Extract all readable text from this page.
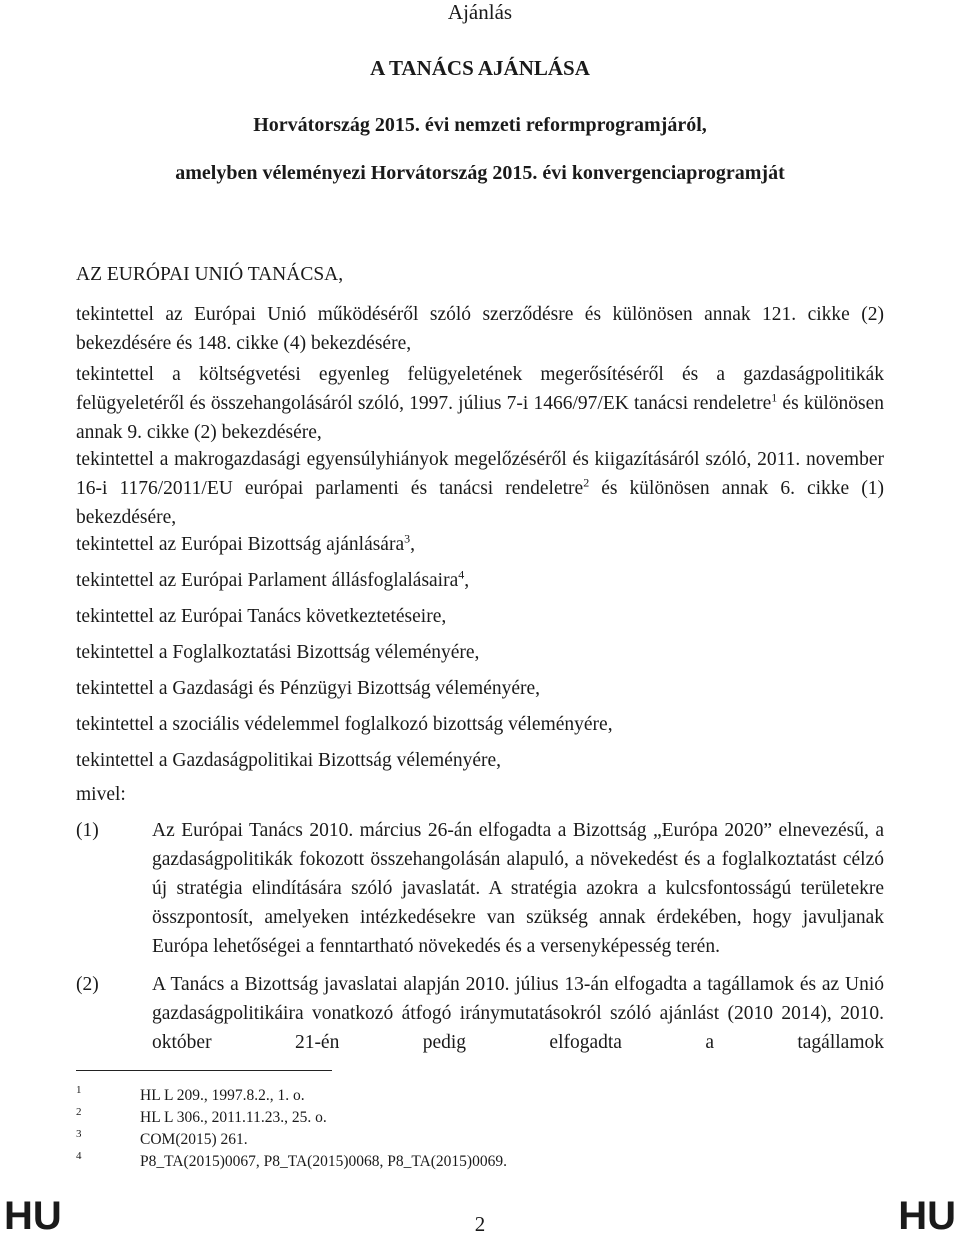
Ajánlás
A TANÁCS AJÁNLÁSA
Horvátország 2015. évi nemzeti reformprogramjáról,
amelyben véleményezi Horvátország 2015. évi konvergenciaprogramját
AZ EURÓPAI UNIÓ TANÁCSA,
tekintettel az Európai Unió működéséről szóló szerződésre és különösen annak 121. cikke (2) bekezdésére és 148. cikke (4) bekezdésére,
tekintettel a költségvetési egyenleg felügyeletének megerősítéséről és a gazdaságpolitikák felügyeletéről és összehangolásáról szóló, 1997. július 7-i 1466/97/EK tanácsi rendeletre$^1$ és különösen annak 9. cikke (2) bekezdésére,
tekintettel a makrogazdasági egyensúlyhiányok megelőzéséről és kiigazításáról szóló, 2011. november 16-i 1176/2011/EU európai parlamenti és tanácsi rendeletre$^2$ és különösen annak 6. cikke (1) bekezdésére,
tekintettel az Európai Bizottság ajánlására$^3$,
tekintettel az Európai Parlament állásfoglalásaira$^4$,
tekintettel az Európai Tanács következtetéseire,
tekintettel a Foglalkoztatási Bizottság véleményére,
tekintettel a Gazdasági és Pénzügyi Bizottság véleményére,
tekintettel a szociális védelemmel foglalkozó bizottság véleményére,
tekintettel a Gazdaságpolitikai Bizottság véleményére,
mivel:
(1)	Az Európai Tanács 2010. március 26-án elfogadta a Bizottság „Európa 2020” elnevezésű, a gazdaságpolitikák fokozott összehangolásán alapuló, a növekedést és a foglalkoztatást célzó új stratégia elindítására szóló javaslatát. A stratégia azokra a kulcsfontosságú területekre összpontosít, amelyeken intézkedésekre van szükség annak érdekében, hogy javuljanak Európa lehetőségei a fenntartható növekedés és a versenyképesség terén.
(2)	A Tanács a Bizottság javaslatai alapján 2010. július 13-án elfogadta a tagállamok és az Unió gazdaságpolitikáira vonatkozó átfogó iránymutatásokról szóló ajánlást (2010 2014), 2010. október 21-én pedig elfogadta a tagállamok
1	HL L 209., 1997.8.2., 1. o.
2	HL L 306., 2011.11.23., 25. o.
3	COM(2015) 261.
4	P8_TA(2015)0067, P8_TA(2015)0068, P8_TA(2015)0069.
HU	2	HU
